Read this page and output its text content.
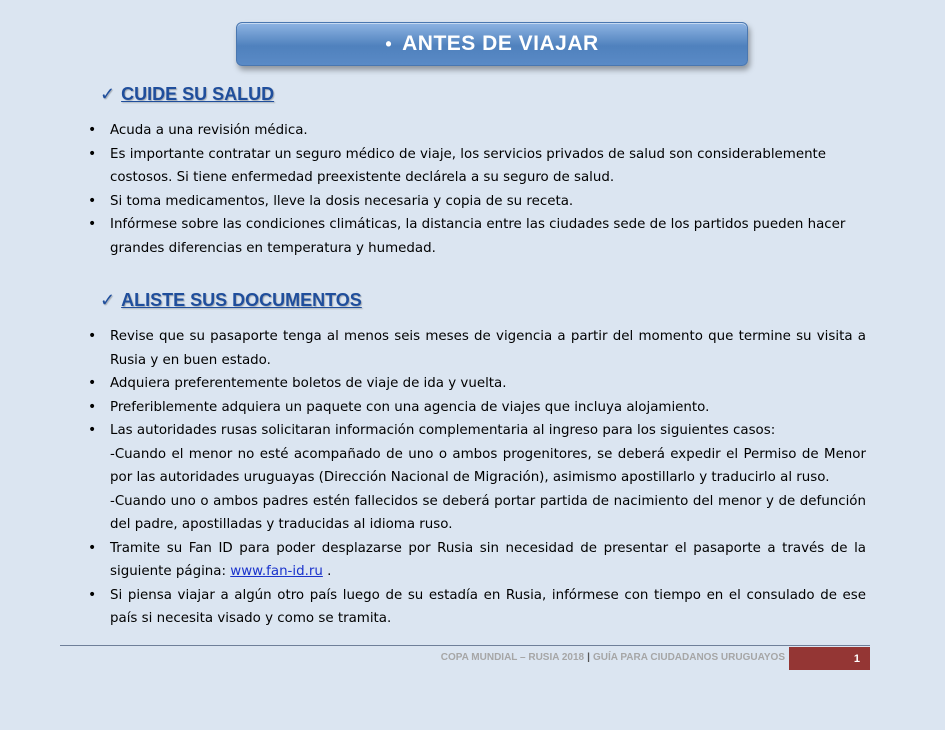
• ANTES DE VIAJAR
✓ CUIDE SU SALUD
• Acuda a una revisión médica.
• Es importante contratar un seguro médico de viaje, los servicios privados de salud son considerablemente costosos. Si tiene enfermedad preexistente declárela a su seguro de salud.
• Si toma medicamentos, lleve la dosis necesaria y copia de su receta.
• Infórmese sobre las condiciones climáticas, la distancia entre las ciudades sede de los partidos pueden hacer grandes diferencias en temperatura y humedad.
✓ ALISTE SUS DOCUMENTOS
• Revise que su pasaporte tenga al menos seis meses de vigencia a partir del momento que termine su visita a Rusia y en buen estado.
• Adquiera preferentemente boletos de viaje de ida y vuelta.
• Preferiblemente adquiera un paquete con una agencia de viajes que incluya alojamiento.
• Las autoridades rusas solicitaran información complementaria al ingreso para los siguientes casos:
-Cuando el menor no esté acompañado de uno o ambos progenitores, se deberá expedir el Permiso de Menor por las autoridades uruguayas (Dirección Nacional de Migración), asimismo apostillarlo y traducirlo al ruso.
-Cuando uno o ambos padres estén fallecidos se deberá portar partida de nacimiento del menor y de defunción del padre, apostilladas y traducidas al idioma ruso.
• Tramite su Fan ID para poder desplazarse por Rusia sin necesidad de presentar el pasaporte a través de la siguiente página: www.fan-id.ru .
• Si piensa viajar a algún otro país luego de su estadía en Rusia, infórmese con tiempo en el consulado de ese país si necesita visado y como se tramita.
COPA MUNDIAL – RUSIA 2018 | GUÍA PARA CIUDADANOS URUGUAYOS	1
